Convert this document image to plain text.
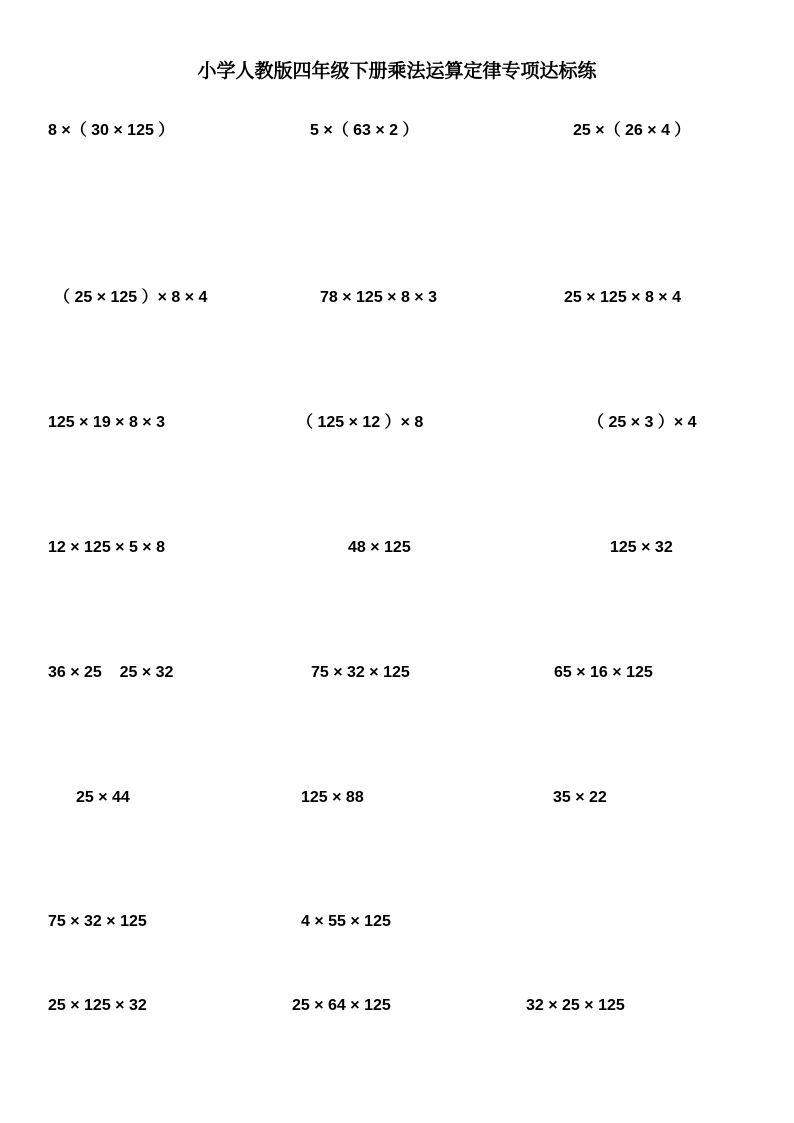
小学人教版四年级下册乘法运算定律专项达标练
8 ×（ 30 × 125 ）	5 ×（ 63 × 2 ）	25 ×（ 26 × 4 ）
（ 25 × 125 ）× 8 × 4	78 × 125 × 8 × 3	25 × 125 × 8 × 4
125 × 19 × 8 × 3	（ 125 × 12 ）× 8	（ 25 × 3 ）× 4
12 × 125 × 5 × 8	48 × 125	125 × 32
36 × 25    25 × 32	75 × 32 × 125	65 × 16 × 125
25 × 44	125 × 88	35 × 22
75 × 32 × 125	4 × 55 × 125
25 × 125 × 32	25 × 64 × 125	32 × 25 × 125
